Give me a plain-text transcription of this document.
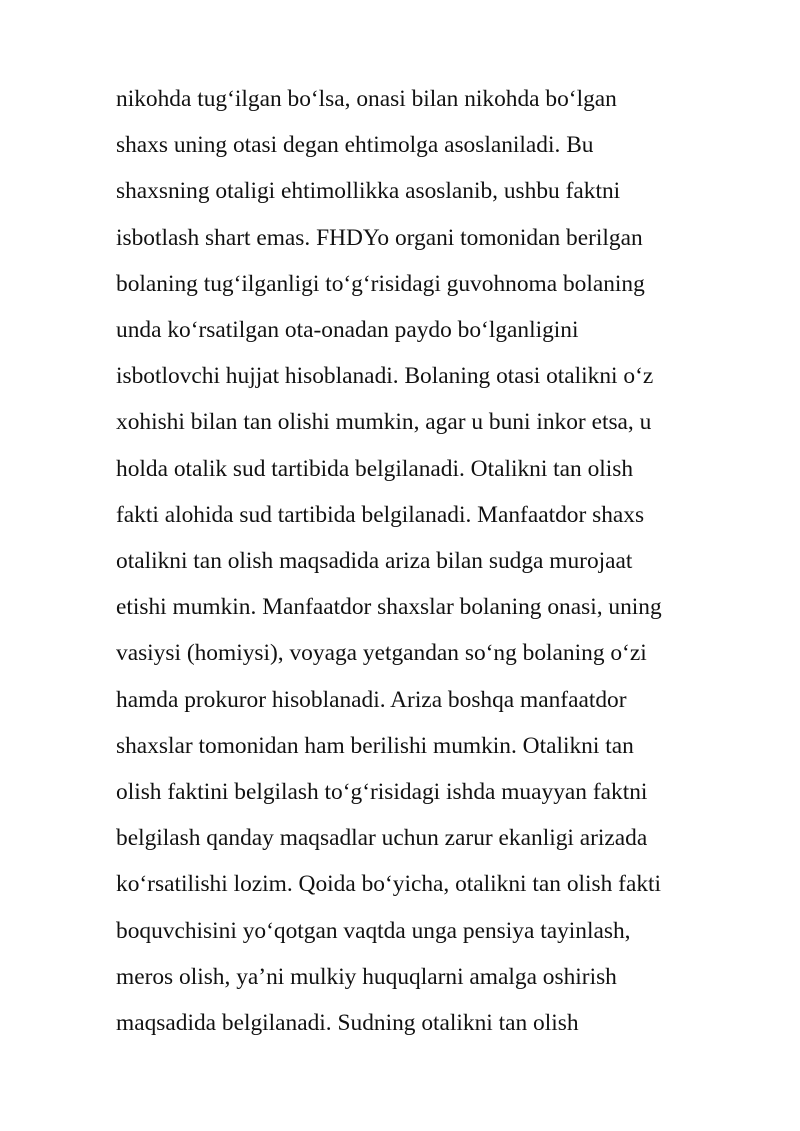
nikohda tug‘ilgan bo‘lsa, onasi bilan nikohda bo‘lgan
shaxs uning otasi degan ehtimolga asoslaniladi. Bu
shaxsning otaligi ehtimollikka asoslanib, ushbu faktni
isbotlash shart emas. FHDYo organi tomonidan berilgan
bolaning tug‘ilganligi to‘g‘risidagi guvohnoma bolaning
unda ko‘rsatilgan ota-onadan paydo bo‘lganligini
isbotlovchi hujjat hisoblanadi. Bolaning otasi otalikni o‘z
xohishi bilan tan olishi mumkin, agar u buni inkor etsa, u
holda otalik sud tartibida belgilanadi. Otalikni tan olish
fakti alohida sud tartibida belgilanadi. Manfaatdor shaxs
otalikni tan olish maqsadida ariza bilan sudga murojaat
etishi mumkin. Manfaatdor shaxslar bolaning onasi, uning
vasiysi (homiysi), voyaga yetgandan so‘ng bolaning o‘zi
hamda prokuror hisoblanadi. Ariza boshqa manfaatdor
shaxslar tomonidan ham berilishi mumkin. Otalikni tan
olish faktini belgilash to‘g‘risidagi ishda muayyan faktni
belgilash qanday maqsadlar uchun zarur ekanligi arizada
ko‘rsatilishi lozim. Qoida bo‘yicha, otalikni tan olish fakti
boquvchisini yo‘qotgan vaqtda unga pensiya tayinlash,
meros olish, ya’ni mulkiy huquqlarni amalga oshirish
maqsadida belgilanadi. Sudning otalikni tan olish
